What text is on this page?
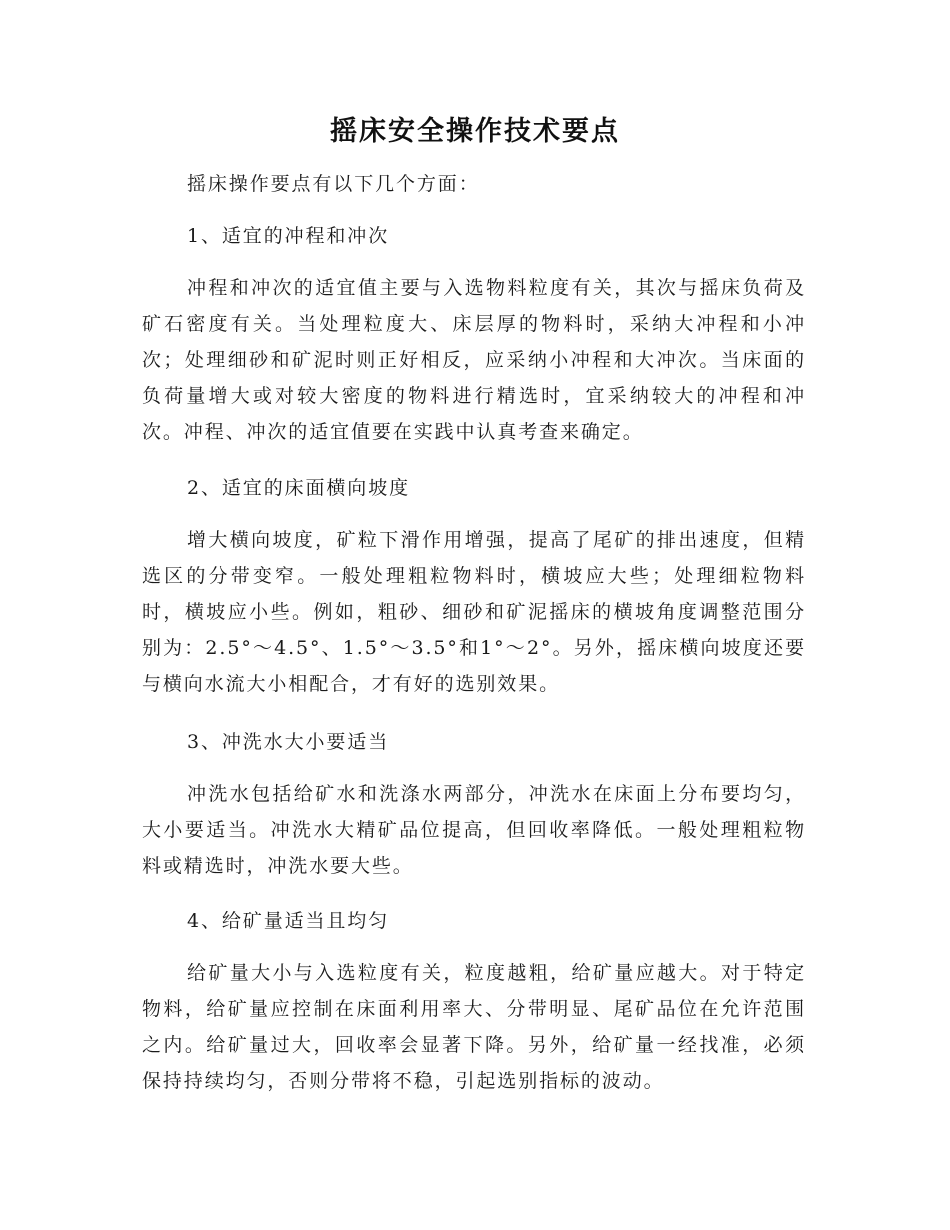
摇床安全操作技术要点

摇床操作要点有以下几个方面：

1、适宜的冲程和冲次

冲程和冲次的适宜值主要与入选物料粒度有关，其次与摇床负荷及矿石密度有关。当处理粒度大、床层厚的物料时，采纳大冲程和小冲次；处理细砂和矿泥时则正好相反，应采纳小冲程和大冲次。当床面的负荷量增大或对较大密度的物料进行精选时，宜采纳较大的冲程和冲次。冲程、冲次的适宜值要在实践中认真考查来确定。

2、适宜的床面横向坡度

增大横向坡度，矿粒下滑作用增强，提高了尾矿的排出速度，但精选区的分带变窄。一般处理粗粒物料时，横坡应大些；处理细粒物料时，横坡应小些。例如，粗砂、细砂和矿泥摇床的横坡角度调整范围分别为：2.5°～4.5°、1.5°～3.5°和1°～2°。另外，摇床横向坡度还要与横向水流大小相配合，才有好的选别效果。

3、冲洗水大小要适当

冲洗水包括给矿水和洗涤水两部分，冲洗水在床面上分布要均匀，大小要适当。冲洗水大精矿品位提高，但回收率降低。一般处理粗粒物料或精选时，冲洗水要大些。

4、给矿量适当且均匀

给矿量大小与入选粒度有关，粒度越粗，给矿量应越大。对于特定物料，给矿量应控制在床面利用率大、分带明显、尾矿品位在允许范围之内。给矿量过大，回收率会显著下降。另外，给矿量一经找准，必须保持持续均匀，否则分带将不稳，引起选别指标的波动。
